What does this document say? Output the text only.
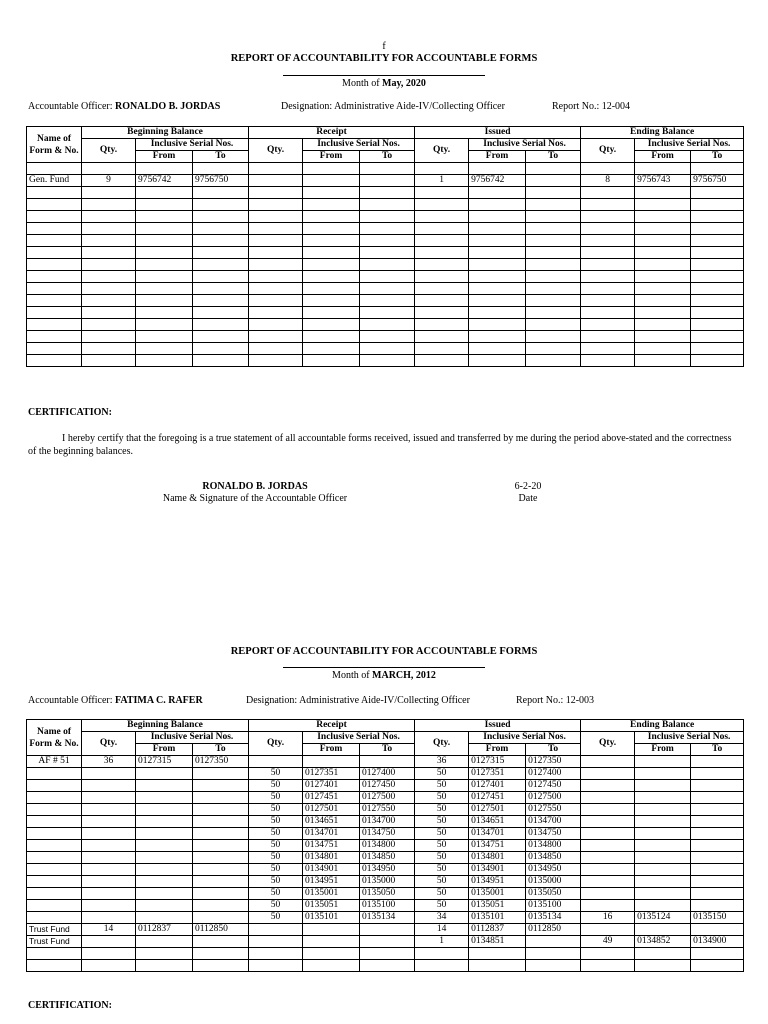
f
REPORT OF ACCOUNTABILITY FOR ACCOUNTABLE FORMS
Month of May, 2020
Accountable Officer: RONALDO B. JORDAS	Designation: Administrative Aide-IV/Collecting Officer	Report No.: 12-004
Name of Form & No.	Beginning Balance			Receipt			Issued			Ending Balance		
	Qty.	Inclusive Serial Nos.		Qty.	Inclusive Serial Nos.		Qty.	Inclusive Serial Nos.		Qty.	Inclusive Serial Nos.	
		From	To		From	To		From	To		From	To

Gen. Fund	9	9756742	9756750				1	9756742		8	9756743	9756750

CERTIFICATION:
I hereby certify that the foregoing is a true statement of all accountable forms received, issued and transferred by me during the period above-stated and the correctness of the beginning balances.
RONALDO B. JORDAS
Name & Signature of the Accountable Officer
6-2-20
Date
REPORT OF ACCOUNTABILITY FOR ACCOUNTABLE FORMS
Month of MARCH, 2012
Accountable Officer: FATIMA C. RAFER	Designation: Administrative Aide-IV/Collecting Officer	Report No.: 12-003
Name of Form & No.	Beginning Balance			Receipt			Issued			Ending Balance		
	Qty.	Inclusive Serial Nos.		Qty.	Inclusive Serial Nos.		Qty.	Inclusive Serial Nos.		Qty.	Inclusive Serial Nos.	
		From	To		From	To		From	To		From	To
AF # 51	36	0127315	0127350				36	0127315	0127350			
				50	0127351	0127400	50	0127351	0127400			
				50	0127401	0127450	50	0127401	0127450			
				50	0127451	0127500	50	0127451	0127500			
				50	0127501	0127550	50	0127501	0127550			
				50	0134651	0134700	50	0134651	0134700			
				50	0134701	0134750	50	0134701	0134750			
				50	0134751	0134800	50	0134751	0134800			
				50	0134801	0134850	50	0134801	0134850			
				50	0134901	0134950	50	0134901	0134950			
				50	0134951	0135000	50	0134951	0135000			
				50	0135001	0135050	50	0135001	0135050			
				50	0135051	0135100	50	0135051	0135100			
				50	0135101	0135134	34	0135101	0135134	16	0135124	0135150
Trust Fund	14	0112837	0112850				14	0112837	0112850			
Trust Fund							1	0134851		49	0134852	0134900

CERTIFICATION:
